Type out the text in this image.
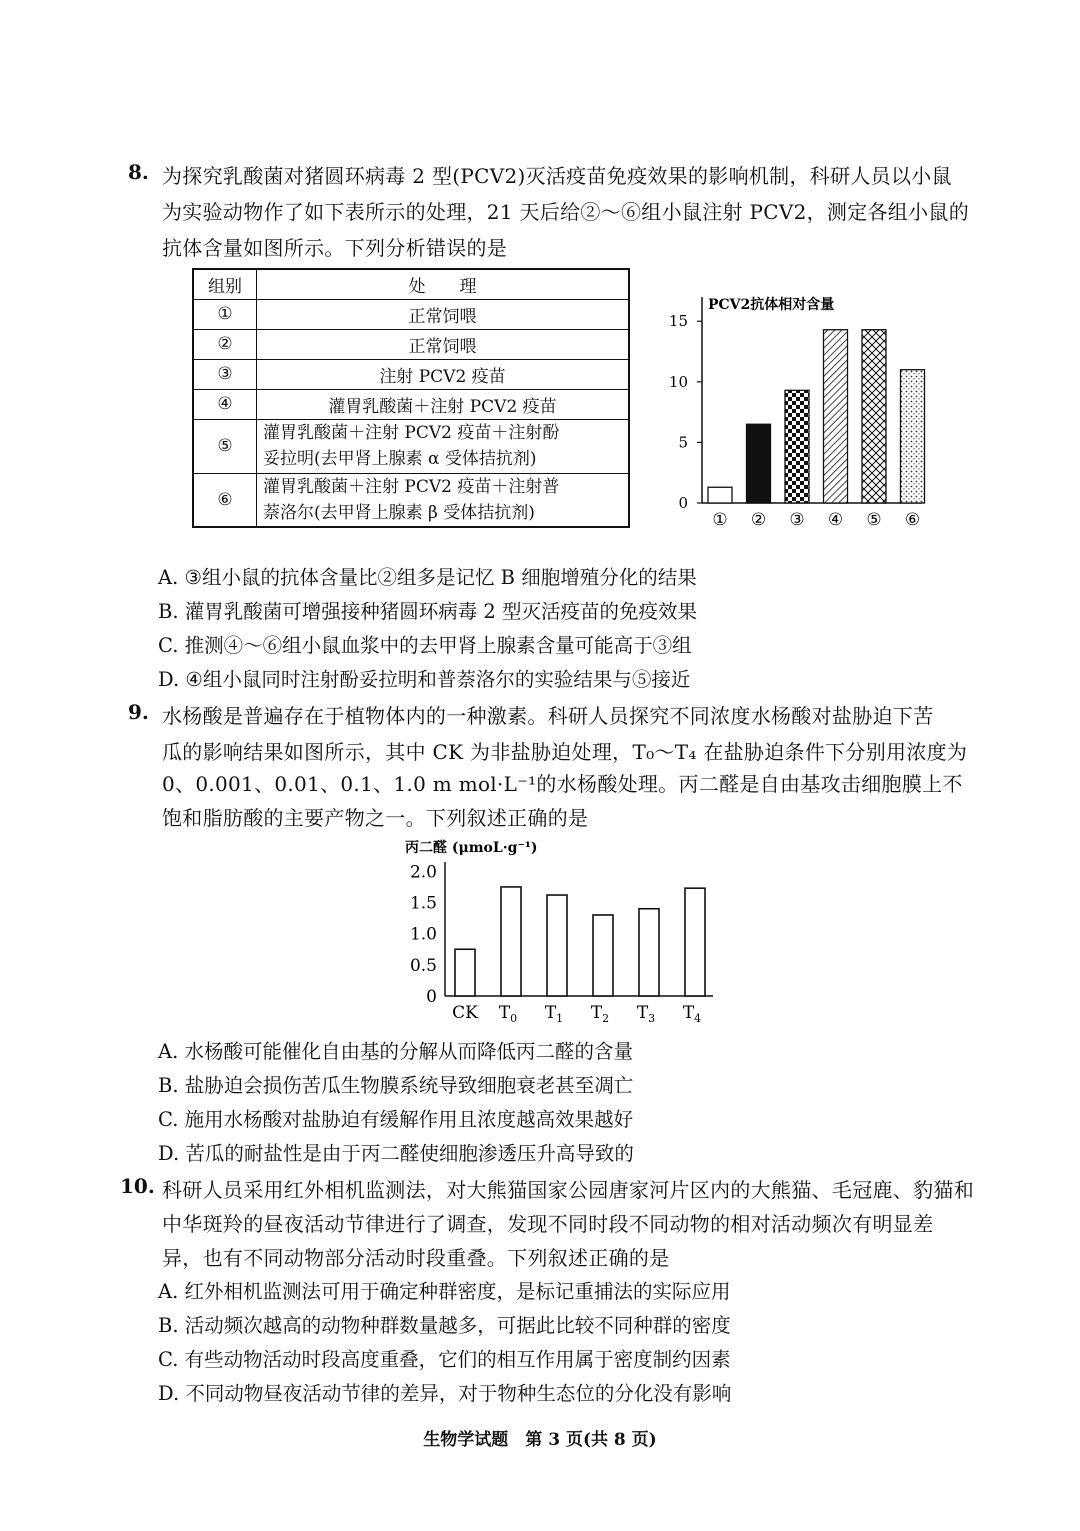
8. 为探究乳酸菌对猪圆环病毒 2 型(PCV2)灭活疫苗免疫效果的影响机制，科研人员以小鼠
为实验动物作了如下表所示的处理，21 天后给②～⑥组小鼠注射 PCV2，测定各组小鼠的
抗体含量如图所示。下列分析错误的是
组别	处　　理
①	正常饲喂
②	正常饲喂
③	注射 PCV2 疫苗
④	灌胃乳酸菌＋注射 PCV2 疫苗
⑤	灌胃乳酸菌＋注射 PCV2 疫苗＋注射酚
妥拉明(去甲肾上腺素 α 受体拮抗剂)

⑥	灌胃乳酸菌＋注射 PCV2 疫苗＋注射普
萘洛尔(去甲肾上腺素 β 受体拮抗剂)
PCV2抗体相对含量
0
5
10
15
① ② ③ ④ ⑤ ⑥
A. ③组小鼠的抗体含量比②组多是记忆 B 细胞增殖分化的结果
B. 灌胃乳酸菌可增强接种猪圆环病毒 2 型灭活疫苗的免疫效果
C. 推测④～⑥组小鼠血浆中的去甲肾上腺素含量可能高于③组
D. ④组小鼠同时注射酚妥拉明和普萘洛尔的实验结果与⑤接近
9. 水杨酸是普遍存在于植物体内的一种激素。科研人员探究不同浓度水杨酸对盐胁迫下苦
瓜的影响结果如图所示，其中 CK 为非盐胁迫处理，T₀～T₄ 在盐胁迫条件下分别用浓度为
0、0.001、0.01、0.1、1.0 m mol·L⁻¹的水杨酸处理。丙二醛是自由基攻击细胞膜上不
饱和脂肪酸的主要产物之一。下列叙述正确的是
丙二醛 (μmoL·g⁻¹)
0
0.5
1.0
1.5
2.0
CK $T_0$ $T_1$ $T_2$ $T_3$ $T_4$
A. 水杨酸可能催化自由基的分解从而降低丙二醛的含量
B. 盐胁迫会损伤苦瓜生物膜系统导致细胞衰老甚至凋亡
C. 施用水杨酸对盐胁迫有缓解作用且浓度越高效果越好
D. 苦瓜的耐盐性是由于丙二醛使细胞渗透压升高导致的
10. 科研人员采用红外相机监测法，对大熊猫国家公园唐家河片区内的大熊猫、毛冠鹿、豹猫和
中华斑羚的昼夜活动节律进行了调查，发现不同时段不同动物的相对活动频次有明显差
异，也有不同动物部分活动时段重叠。下列叙述正确的是
A. 红外相机监测法可用于确定种群密度，是标记重捕法的实际应用
B. 活动频次越高的动物种群数量越多，可据此比较不同种群的密度
C. 有些动物活动时段高度重叠，它们的相互作用属于密度制约因素
D. 不同动物昼夜活动节律的差异，对于物种生态位的分化没有影响
生物学试题　第 3 页(共 8 页)
